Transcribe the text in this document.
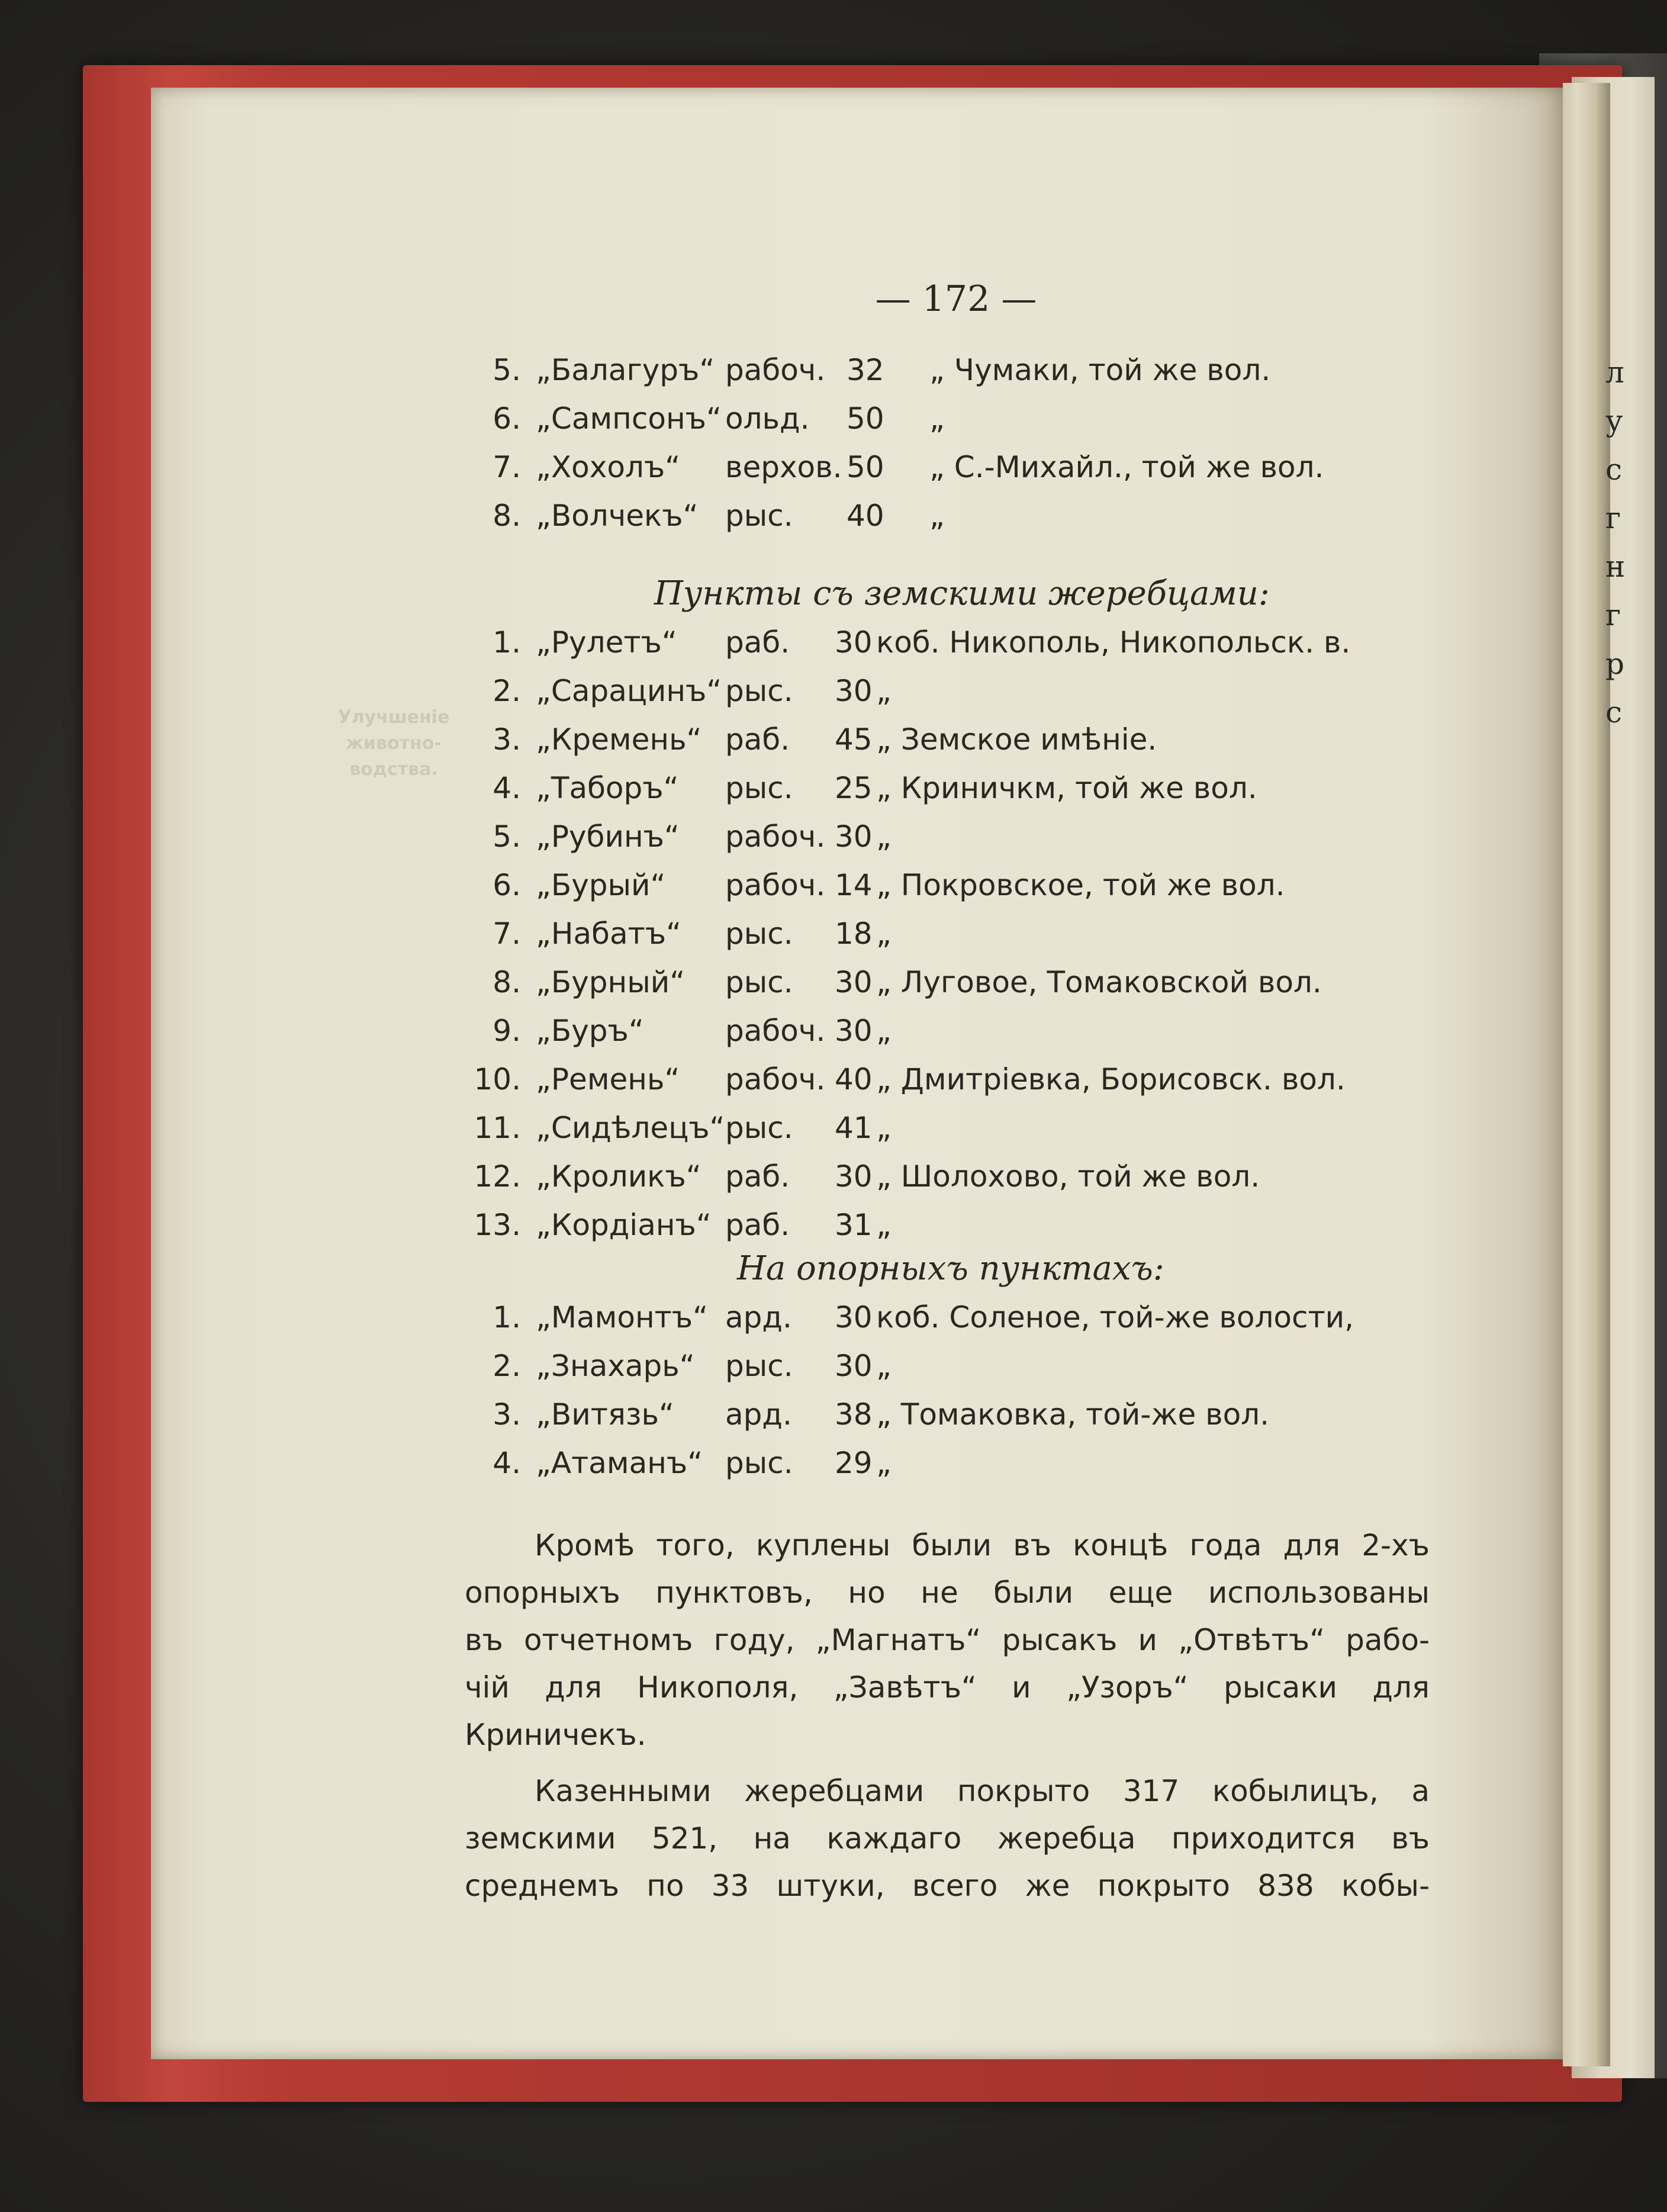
л
у
с
г
н
г
р
с
Улучшенiе
животно-
водства.
— 172 —
5. „Балагуръ“ рабоч. 32 „ Чумаки, той же вол.
6. „Сампсонъ“ ольд. 50 „
7. „Хохолъ“ верхов. 50 „ С.-Михайл., той же вол.
8. „Волчекъ“ рыс. 40 „
Пункты съ земскими жеребцами:
1. „Рулетъ“ раб. 30 коб. Никополь, Никопольск. в.
2. „Сарацинъ“ рыс. 30 „
3. „Кремень“ раб. 45 „ Земское имѣніе.
4. „Таборъ“ рыс. 25 „ Криничкм, той же вол.
5. „Рубинъ“ рабоч. 30 „
6. „Бурый“ рабоч. 14 „ Покровское, той же вол.
7. „Набатъ“ рыс. 18 „
8. „Бурный“ рыс. 30 „ Луговое, Томаковской вол.
9. „Буръ“	рабоч. 30 „
10. „Ремень“ рабоч. 40 „ Дмитріевка, Борисовск. вол.
11. „Сидѣлецъ“ рыс. 41 „
12. „Кроликъ“ раб. 30 „ Шолохово, той же вол.
13. „Кордіанъ“ раб. 31 „
На опорныхъ пунктахъ:
1. „Мамонтъ“ ард. 30 коб. Соленое, той-же волости,
2. „Знахарь“ рыс. 30 „
3. „Витязь“ ард. 38 „ Томаковка, той-же вол.
4. „Атаманъ“ рыс. 29 „
Кромѣ того, куплены были въ концѣ года для 2-хъ
опорныхъ пунктовъ, но не были еще использованы
въ отчетномъ году, „Магнатъ“ рысакъ и „Отвѣтъ“ рабо-
чій для Никополя, „Завѣтъ“ и „Узоръ“ рысаки для
Криничекъ.
Казенными жеребцами покрыто 317 кобылицъ, а
земскими 521, на каждаго жеребца приходится въ
среднемъ по 33 штуки, всего же покрыто 838 кобы-
